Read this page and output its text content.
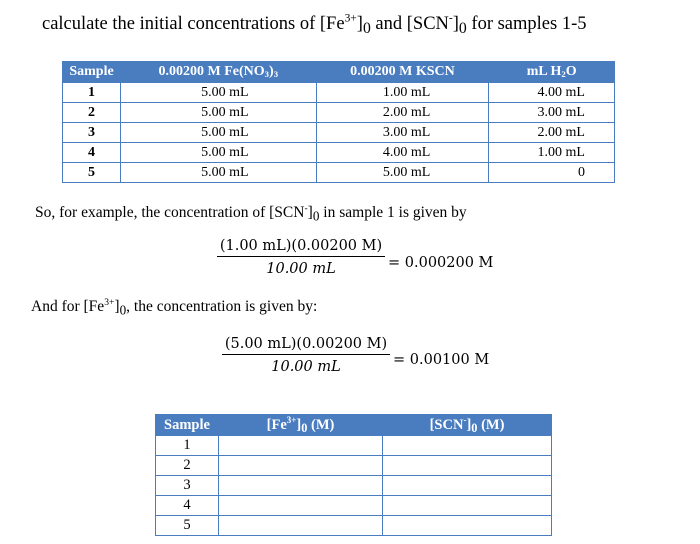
calculate the initial concentrations of $[Fe^{3+}]_0$ and $[SCN^-]_0$ for samples 1-5
Sample	0.00200 M $Fe(NO_3)_3$	0.00200 M KSCN	mL $H_2O$
1	5.00 mL	1.00 mL	4.00 mL
2	5.00 mL	2.00 mL	3.00 mL
3	5.00 mL	3.00 mL	2.00 mL
4	5.00 mL	4.00 mL	1.00 mL
5	5.00 mL	5.00 mL	0
So, for example, the concentration of $[SCN^-]_0$ in sample 1 is given by
$\frac{(1.00 mL)(0.00200 M)}{10.00 mL} = 0.000200$ M
And for $[Fe^{3+}]_0$, the concentration is given by:
$\frac{(5.00 mL)(0.00200 M)}{10.00 mL} = 0.00100$ M
Sample	$[Fe^{3+}]_0$ (M)	$[SCN^-]_0$ (M)
1		
2		
3		
4		
5		
